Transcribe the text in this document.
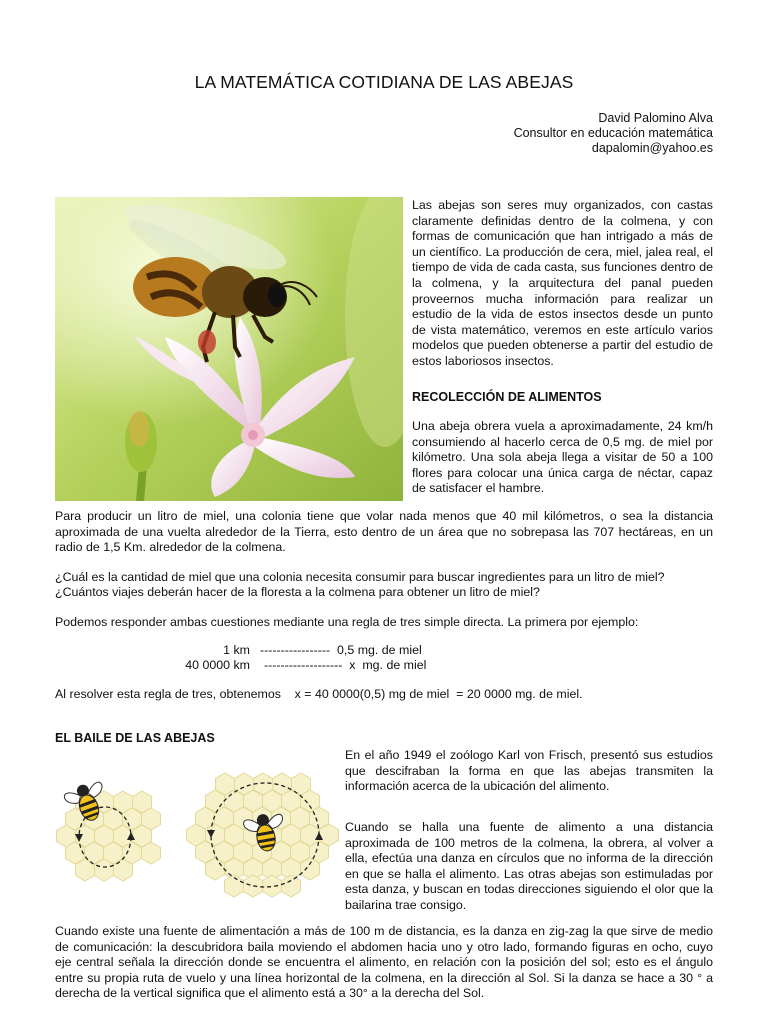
LA MATEMÁTICA COTIDIANA DE LAS ABEJAS
David Palomino Alva
Consultor en educación matemática
dapalomin@yahoo.es

Las abejas son seres muy organizados, con castas claramente definidas dentro de la colmena, y con formas de comunicación que han intrigado a más de un científico. La producción de cera, miel, jalea real, el tiempo de vida de cada casta, sus funciones dentro de la colmena, y la arquitectura del panal pueden proveernos mucha información para realizar un estudio de la vida de estos insectos desde un punto de vista matemático, veremos en este artículo varios modelos que pueden obtenerse a partir del estudio de estos laboriosos insectos.

RECOLECCIÓN DE ALIMENTOS

Una abeja obrera vuela a aproximadamente, 24 km/h consumiendo al hacerlo cerca de 0,5 mg. de miel por kilómetro. Una sola abeja llega a visitar de 50 a 100 flores para colocar una única carga de néctar, capaz de satisfacer el hambre.

Para producir un litro de miel, una colonia tiene que volar nada menos que 40 mil kilómetros, o sea la distancia aproximada de una vuelta alrededor de la Tierra, esto dentro de un área que no sobrepasa las 707 hectáreas, en un radio de 1,5 Km. alrededor de la colmena.

¿Cuál es la cantidad de miel que una colonia necesita consumir para buscar ingredientes para un litro de miel?

¿Cuántos viajes deberán hacer de la floresta a la colmena para obtener un litro de miel?

Podemos responder ambas cuestiones mediante una regla de tres simple directa. La primera por ejemplo:

1 km -----------------  0,5 mg. de miel
40 0000 km -------------------  x  mg. de miel

Al resolver esta regla de tres, obtenemos    x = 40 0000(0,5) mg de miel  = 20 0000 mg. de miel.

EL BAILE DE LAS ABEJAS

En el año 1949 el zoólogo Karl von Frisch, presentó sus estudios que descifraban la forma en que las abejas transmiten la información acerca de la ubicación del alimento.

Cuando se halla una fuente de alimento a una distancia aproximada de 100 metros de la colmena, la obrera, al volver a ella, efectúa una danza en círculos que no informa de la dirección en que se halla el alimento. Las otras abejas son estimuladas por esta danza, y buscan en todas direcciones siguiendo el olor que la bailarina trae consigo.

Cuando existe una fuente de alimentación a más de 100 m de distancia, es la danza en zig-zag la que sirve de medio de comunicación: la descubridora baila moviendo el abdomen hacia uno y otro lado, formando figuras en ocho, cuyo eje central señala la dirección donde se encuentra el alimento, en relación con la posición del sol; esto es el ángulo entre su propia ruta de vuelo y una línea horizontal de la colmena, en la dirección al Sol. Si la danza se hace a 30 ° a derecha de la vertical significa que el alimento está a 30° a la derecha del Sol.
